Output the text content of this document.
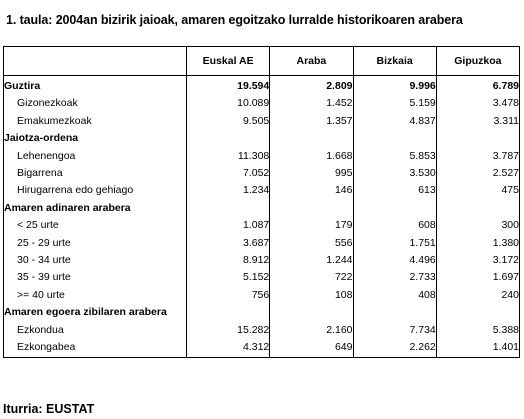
1. taula: 2004an bizirik jaioak, amaren egoitzako lurralde historikoaren arabera
	Euskal AE	Araba	Bizkaia	Gipuzkoa
Guztira	19.594	2.809	9.996	6.789
Gizonezkoak	10.089	1.452	5.159	3.478
Emakumezkoak	9.505	1.357	4.837	3.311
Jaiotza-ordena				
Lehenengoa	11.308	1.668	5.853	3.787
Bigarrena	7.052	995	3.530	2.527
Hirugarrena edo gehiago	1.234	146	613	475
Amaren adinaren arabera				
< 25 urte	1.087	179	608	300
25 - 29 urte	3.687	556	1.751	1.380
30 - 34 urte	8.912	1.244	4.496	3.172
35 - 39 urte	5.152	722	2.733	1.697
>= 40 urte	756	108	408	240
Amaren egoera zibilaren arabera				
Ezkondua	15.282	2.160	7.734	5.388
Ezkongabea	4.312	649	2.262	1.401
Iturria: EUSTAT
